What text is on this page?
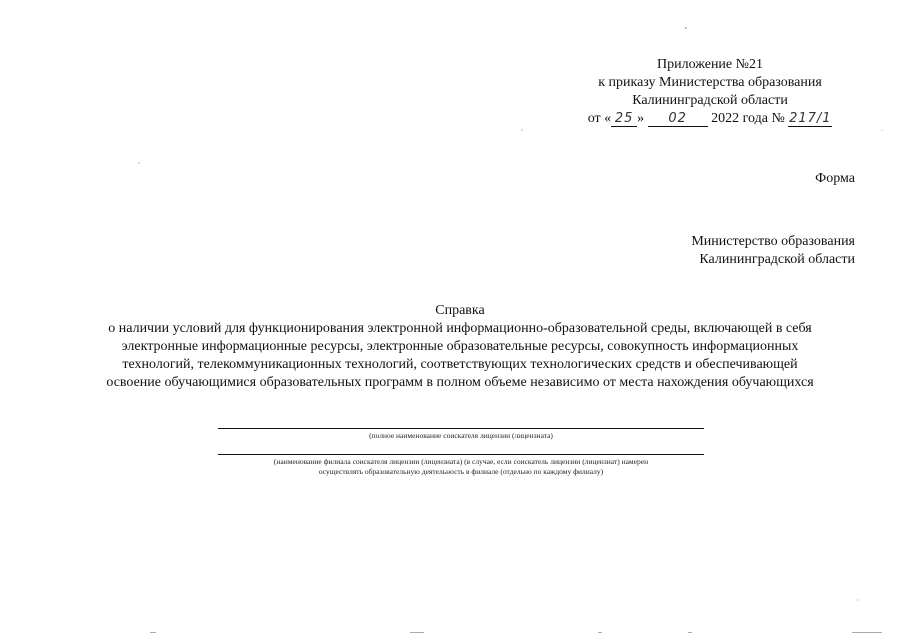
Приложение №21
к приказу Министерства образования
Калининградской области
от « 25 » 02 2022 года № 217/1
Форма
Министерство образования
Калининградской области
Справка
о наличии условий для функционирования электронной информационно-образовательной среды, включающей в себя
электронные информационные ресурсы, электронные образовательные ресурсы, совокупность информационных
технологий, телекоммуникационных технологий, соответствующих технологических средств и обеспечивающей
освоение обучающимися образовательных программ в полном объеме независимо от места нахождения обучающихся
(полное наименование соискателя лицензии (лицензиата)
(наименование филиала соискателя лицензии (лицензиата) (в случае, если соискатель лицензии (лицензиат) намерен
осуществлять образовательную деятельность в филиале (отдельно по каждому филиалу)
